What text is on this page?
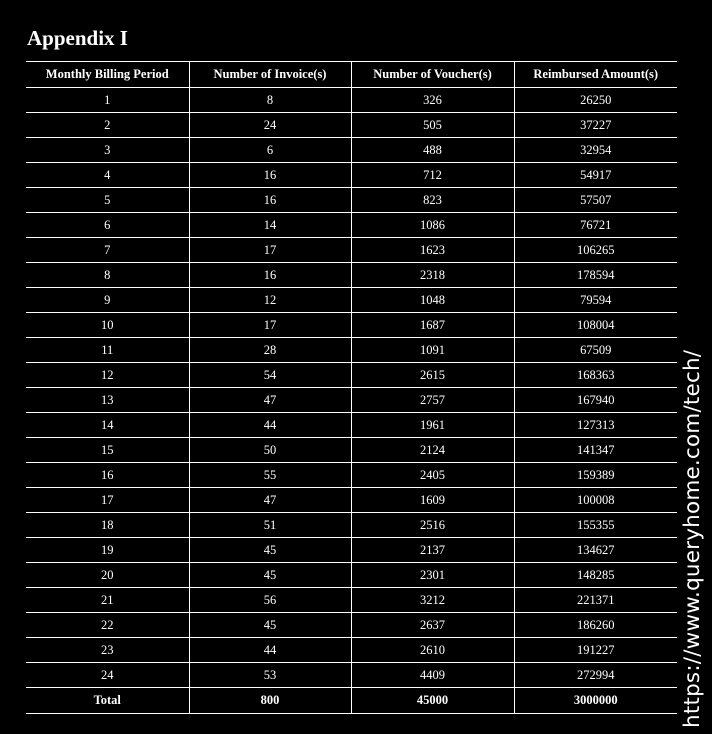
Appendix I
Monthly Billing Period	Number of Invoice(s)	Number of Voucher(s)	Reimbursed Amount(s)
1	8	326	26250
2	24	505	37227
3	6	488	32954
4	16	712	54917
5	16	823	57507
6	14	1086	76721
7	17	1623	106265
8	16	2318	178594
9	12	1048	79594
10	17	1687	108004
11	28	1091	67509
12	54	2615	168363
13	47	2757	167940
14	44	1961	127313
15	50	2124	141347
16	55	2405	159389
17	47	1609	100008
18	51	2516	155355
19	45	2137	134627
20	45	2301	148285
21	56	3212	221371
22	45	2637	186260
23	44	2610	191227
24	53	4409	272994
Total	800	45000	3000000	https://www.queryhome.com/tech/
